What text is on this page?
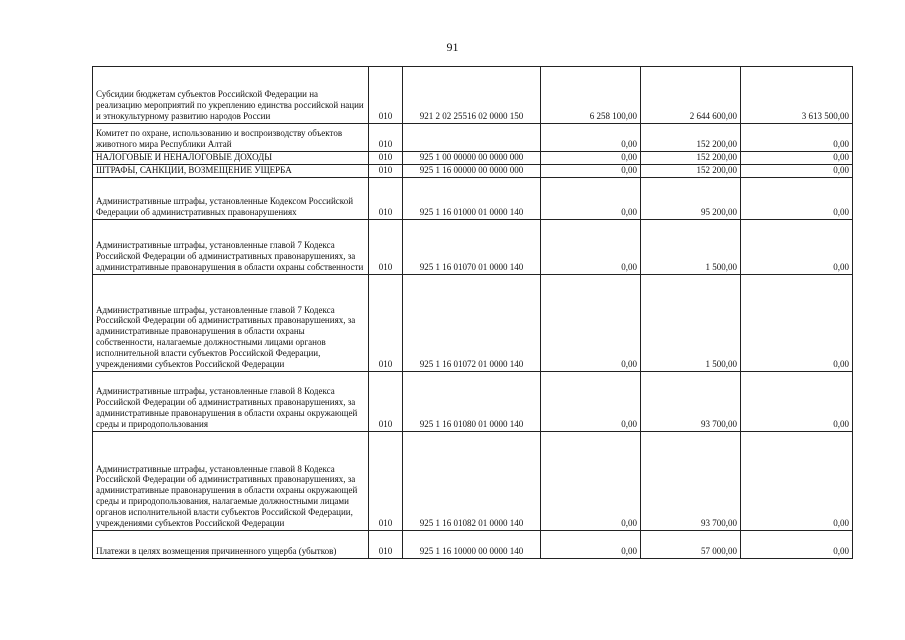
91
Субсидии бюджетам субъектов Российской Федерации на реализацию мероприятий по укреплению единства российской нации и этнокультурному развитию народов России	010	921 2 02 25516 02 0000 150	6 258 100,00	2 644 600,00	3 613 500,00
Комитет по охране, использованию и воспроизводству объектов животного мира Республики Алтай	010		0,00	152 200,00	0,00
НАЛОГОВЫЕ И НЕНАЛОГОВЫЕ ДОХОДЫ	010	925 1 00 00000 00 0000 000	0,00	152 200,00	0,00
ШТРАФЫ, САНКЦИИ, ВОЗМЕЩЕНИЕ УЩЕРБА	010	925 1 16 00000 00 0000 000	0,00	152 200,00	0,00
Административные штрафы, установленные Кодексом Российской Федерации об административных правонарушениях	010	925 1 16 01000 01 0000 140	0,00	95 200,00	0,00
Административные штрафы, установленные главой 7 Кодекса Российской Федерации об административных правонарушениях, за административные правонарушения в области охраны собственности	010	925 1 16 01070 01 0000 140	0,00	1 500,00	0,00
Административные штрафы, установленные главой 7 Кодекса Российской Федерации об административных правонарушениях, за административные правонарушения в области охраны собственности, налагаемые должностными лицами органов исполнительной власти субъектов Российской Федерации, учреждениями субъектов Российской Федерации	010	925 1 16 01072 01 0000 140	0,00	1 500,00	0,00
Административные штрафы, установленные главой 8 Кодекса Российской Федерации об административных правонарушениях, за административные правонарушения в области охраны окружающей среды и природопользования	010	925 1 16 01080 01 0000 140	0,00	93 700,00	0,00
Административные штрафы, установленные главой 8 Кодекса Российской Федерации об административных правонарушениях, за административные правонарушения в области охраны окружающей среды и природопользования, налагаемые должностными лицами органов исполнительной власти субъектов Российской Федерации, учреждениями субъектов Российской Федерации	010	925 1 16 01082 01 0000 140	0,00	93 700,00	0,00
Платежи в целях возмещения причиненного ущерба (убытков)	010	925 1 16 10000 00 0000 140	0,00	57 000,00	0,00
